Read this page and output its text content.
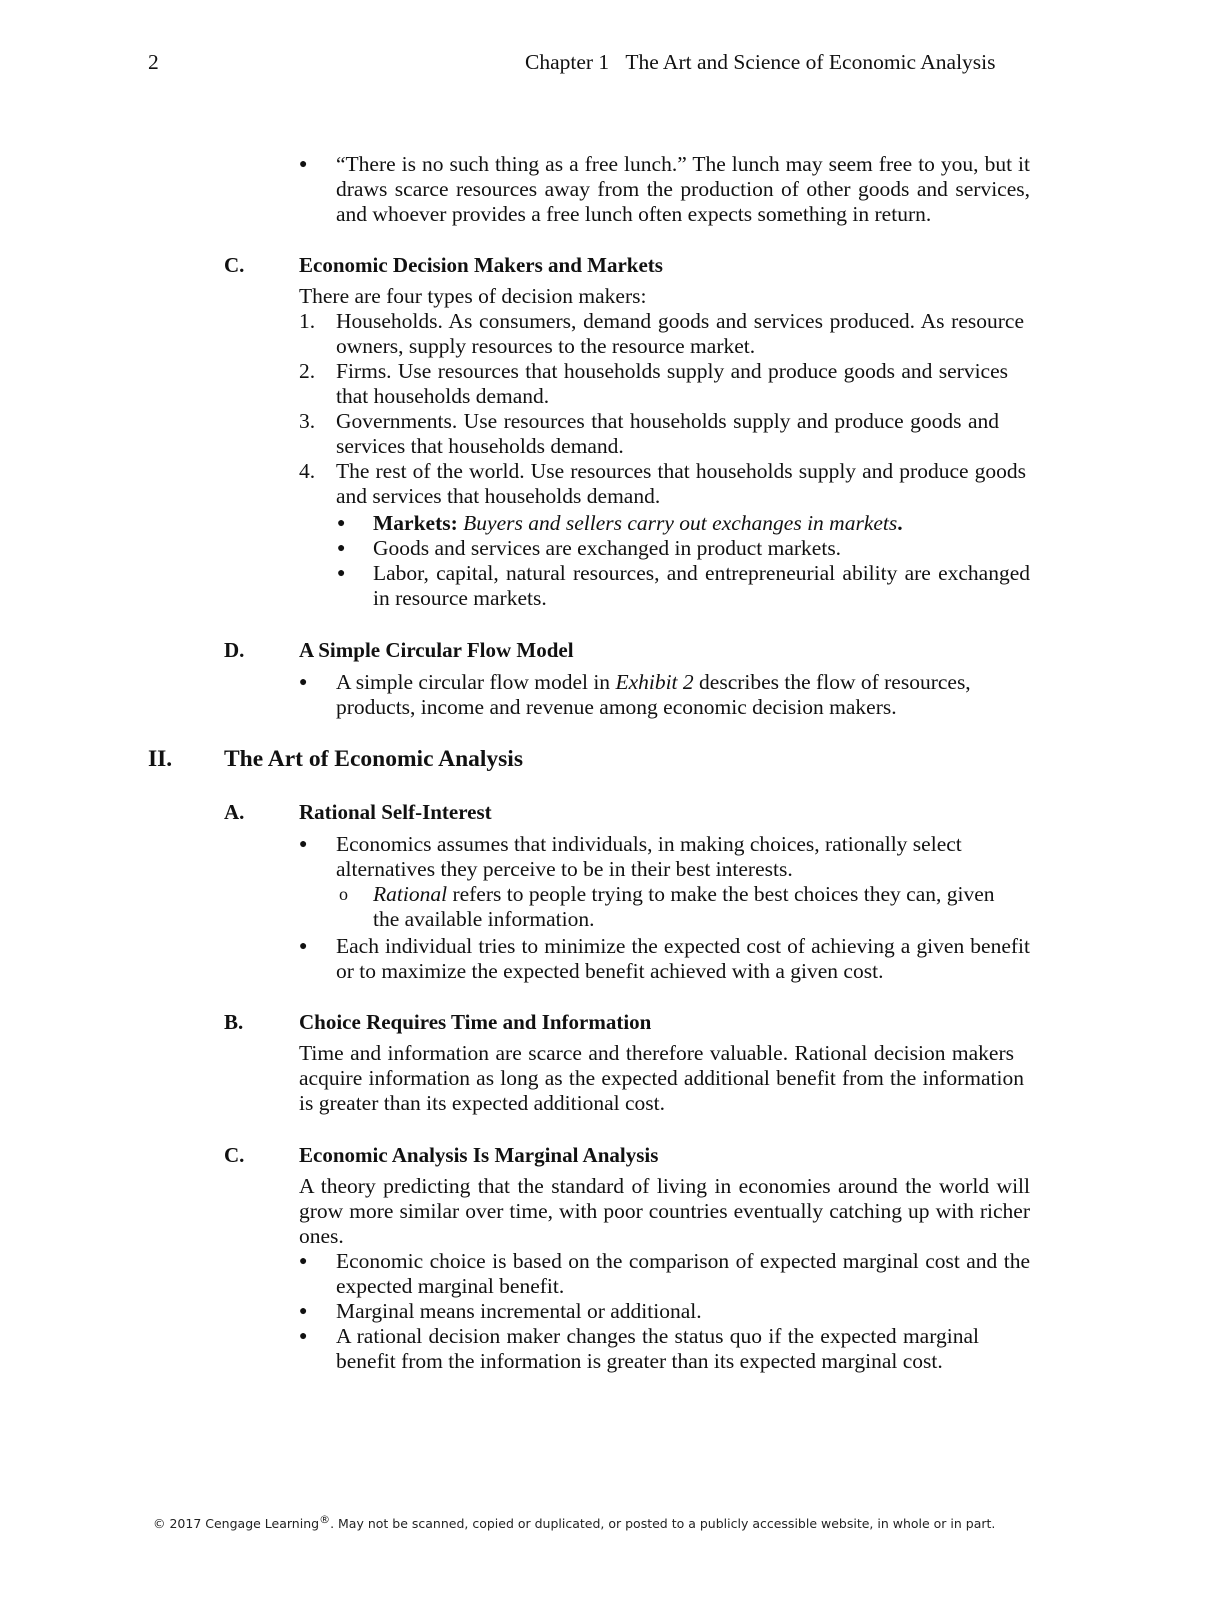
2	Chapter 1 The Art and Science of Economic Analysis
● “There is no such thing as a free lunch.” The lunch may seem free to you, but it
draws scarce resources away from the production of other goods and services,
and whoever provides a free lunch often expects something in return.
C.	Economic Decision Makers and Markets
There are four types of decision makers:
1. Households. As consumers, demand goods and services produced. As resource
owners, supply resources to the resource market.
2. Firms. Use resources that households supply and produce goods and services
that households demand.
3. Governments. Use resources that households supply and produce goods and
services that households demand.
4. The rest of the world. Use resources that households supply and produce goods
and services that households demand.
● Markets: Buyers and sellers carry out exchanges in markets.
● Goods and services are exchanged in product markets.
● Labor, capital, natural resources, and entrepreneurial ability are exchanged
in resource markets.
D.	A Simple Circular Flow Model
● A simple circular flow model in Exhibit 2 describes the flow of resources,
products, income and revenue among economic decision makers.
II. The Art of Economic Analysis
A.	Rational Self-Interest
● Economics assumes that individuals, in making choices, rationally select
alternatives they perceive to be in their best interests.
o Rational refers to people trying to make the best choices they can, given
the available information.
● Each individual tries to minimize the expected cost of achieving a given benefit
or to maximize the expected benefit achieved with a given cost.
B.	Choice Requires Time and Information
Time and information are scarce and therefore valuable. Rational decision makers
acquire information as long as the expected additional benefit from the information
is greater than its expected additional cost.
C.	Economic Analysis Is Marginal Analysis
A theory predicting that the standard of living in economies around the world will
grow more similar over time, with poor countries eventually catching up with richer
ones.
● Economic choice is based on the comparison of expected marginal cost and the
expected marginal benefit.
● Marginal means incremental or additional.
● A rational decision maker changes the status quo if the expected marginal
benefit from the information is greater than its expected marginal cost.
© 2017 Cengage Learning®. May not be scanned, copied or duplicated, or posted to a publicly accessible website, in whole or in part.
